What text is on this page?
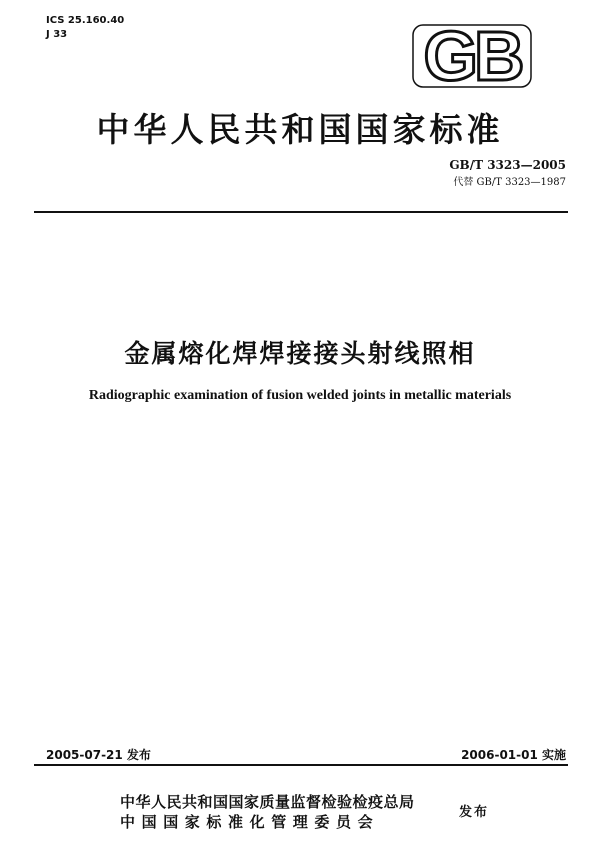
ICS 25.160.40
J 33	GB
中华人民共和国国家标准
GB/T 3323—2005
代替 GB/T 3323—1987
金属熔化焊焊接接头射线照相
Radiographic examination of fusion welded joints in metallic materials
2005-07-21 发布	2006-01-01 实施
中华人民共和国国家质量监督检验检疫总局
中国国家标准化管理委员会
发布
